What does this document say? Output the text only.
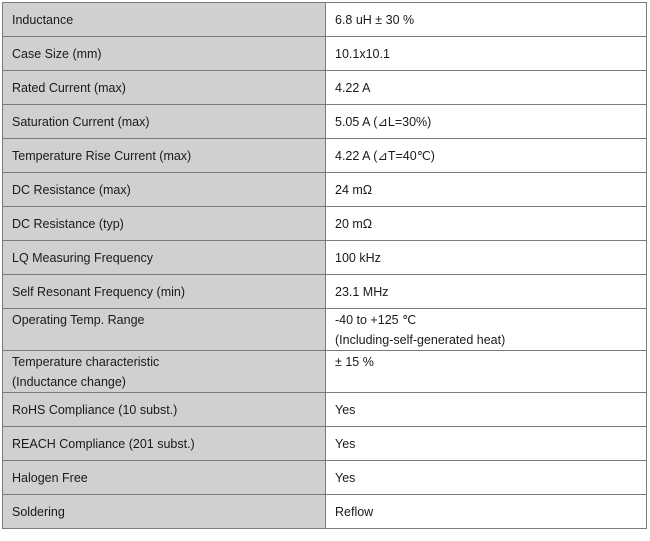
Inductance	6.8 uH ± 30 %

Case Size (mm)	10.1x10.1

Rated Current (max)	4.22 A

Saturation Current (max)	5.05 A (⊿L=30%)

Temperature Rise Current (max)	4.22 A (⊿T=40℃)

DC Resistance (max)	24 mΩ

DC Resistance (typ)	20 mΩ

LQ Measuring Frequency	100 kHz

Self Resonant Frequency (min)	23.1 MHz

Operating Temp. Range	-40 to +125 ℃
(Including-self-generated heat)

Temperature characteristic
(Inductance change)	± 15 %

RoHS Compliance (10 subst.)	Yes

REACH Compliance (201 subst.)	Yes

Halogen Free	Yes

Soldering	Reflow
